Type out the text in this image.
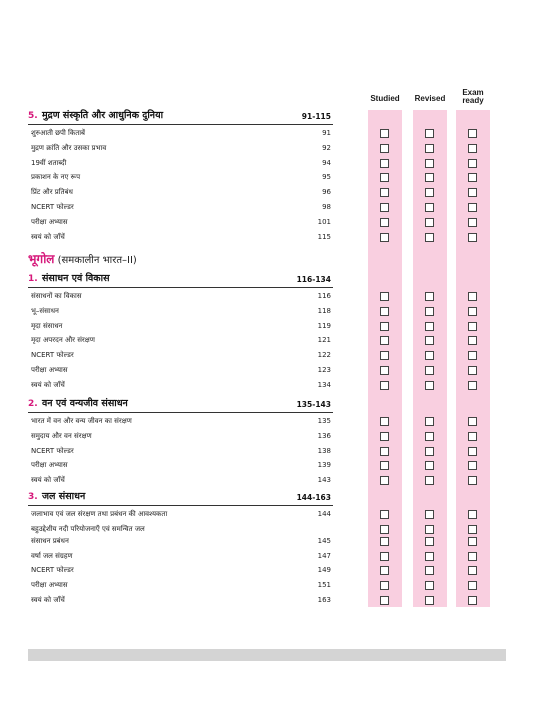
Studied	Revised
Exam
ready
भूगोल (समकालीन भारत–II)
5. मुद्रण संस्कृति और आधुनिक दुनिया	91-115
शुरुआती छपी किताबें	91
मुद्रण क्रांति और उसका प्रभाव	92
19वीं शताब्दी	94
प्रकाशन के नए रूप	95
प्रिंट और प्रतिबंध	96
NCERT फोल्डर	98
परीक्षा अभ्यास	101
स्वयं को जाँचें	115
1. संसाधन एवं विकास	116-134
संसाधनों का विकास	116
भू–संसाधन	118
मृदा संसाधन	119
मृदा अपरदन और संरक्षण	121
NCERT फोल्डर	122
परीक्षा अभ्यास	123
स्वयं को जाँचें	134
2. वन एवं वन्यजीव संसाधन	135-143
भारत में वन और वन्य जीवन का संरक्षण	135
समुदाय और वन संरक्षण	136
NCERT फोल्डर	138
परीक्षा अभ्यास	139
स्वयं को जाँचें	143
3. जल संसाधन	144-163
जलाभाव एवं जल संरक्षण तथा प्रबंधन की आवश्यकता	144
बहुउद्देशीय नदी परियोजनाएँ एवं समन्वित जल
संसाधन प्रबंधन	145
वर्षा जल संग्रहण	147
NCERT फोल्डर	149
परीक्षा अभ्यास	151
स्वयं को जाँचें	163
